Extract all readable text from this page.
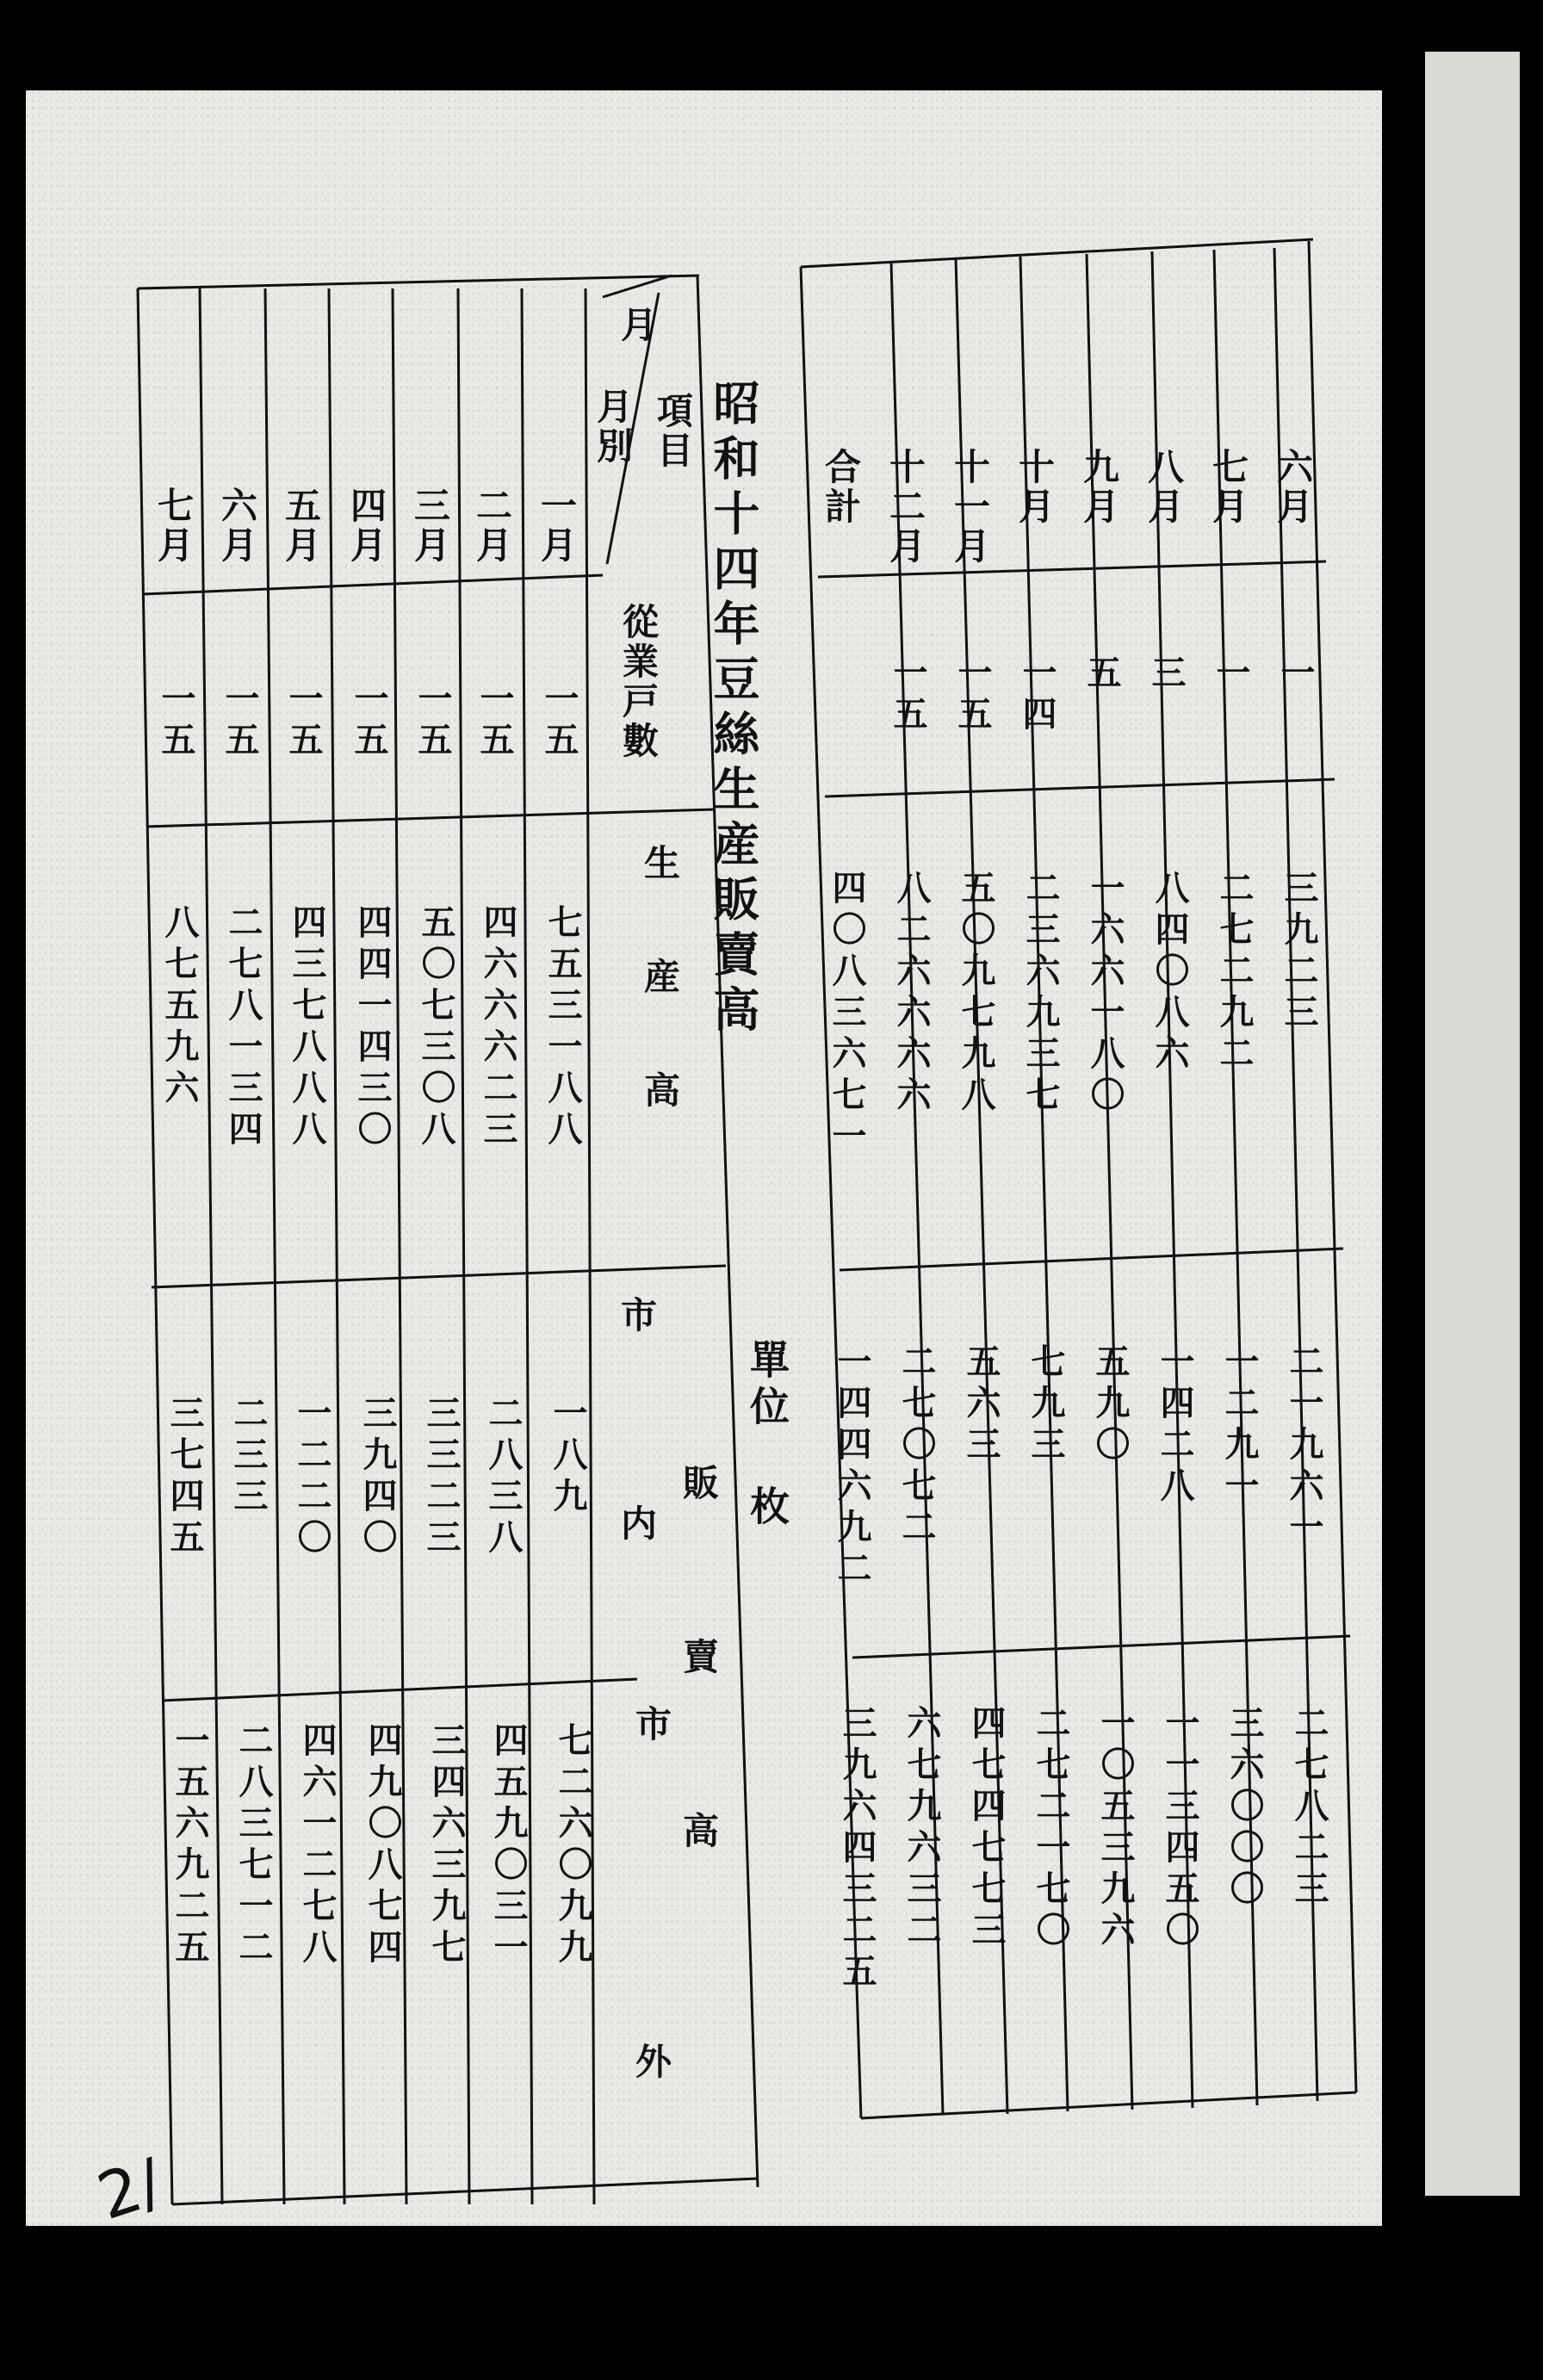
昭和十四年豆絲生産販賣高
單位 枚
月
項目
月別
從業戸數
生産高
販賣高
市内
市外
一月
一五
七五三一八八
一八九
七二六〇九九
二月
一五
四六六六二三
二八三八
四五九〇三一
三月
一五
五〇七三〇八
三三二三
三四六三九七
四月
一五
四四一四三〇
三九四〇
四九〇八七四
五月
一五
四三七八八八
一二二〇
四六一二七八
六月
一五
二七八一三四
二三三
二八三七一二
七月
一五
八七五九六
三七四五
一五六九二五
六月
一
三九二三
二一九六一
二七八二三
七月
一
二七二九二
一二九一
三六〇〇〇
八月
三
八四〇八六
一四二八
一一三四五〇
九月
五
一六六一八〇
五九〇
一〇五三九六
十月
一四
二三六九三七
七九三
二七二一七〇
十一月
一五
五〇九七九八
五六三
四七四七七三
十二月
一五
八二六六六六
二七〇七二
六七九六三二
合計
四〇八三六七一
一四四六九二
三九六四三二五
2/
